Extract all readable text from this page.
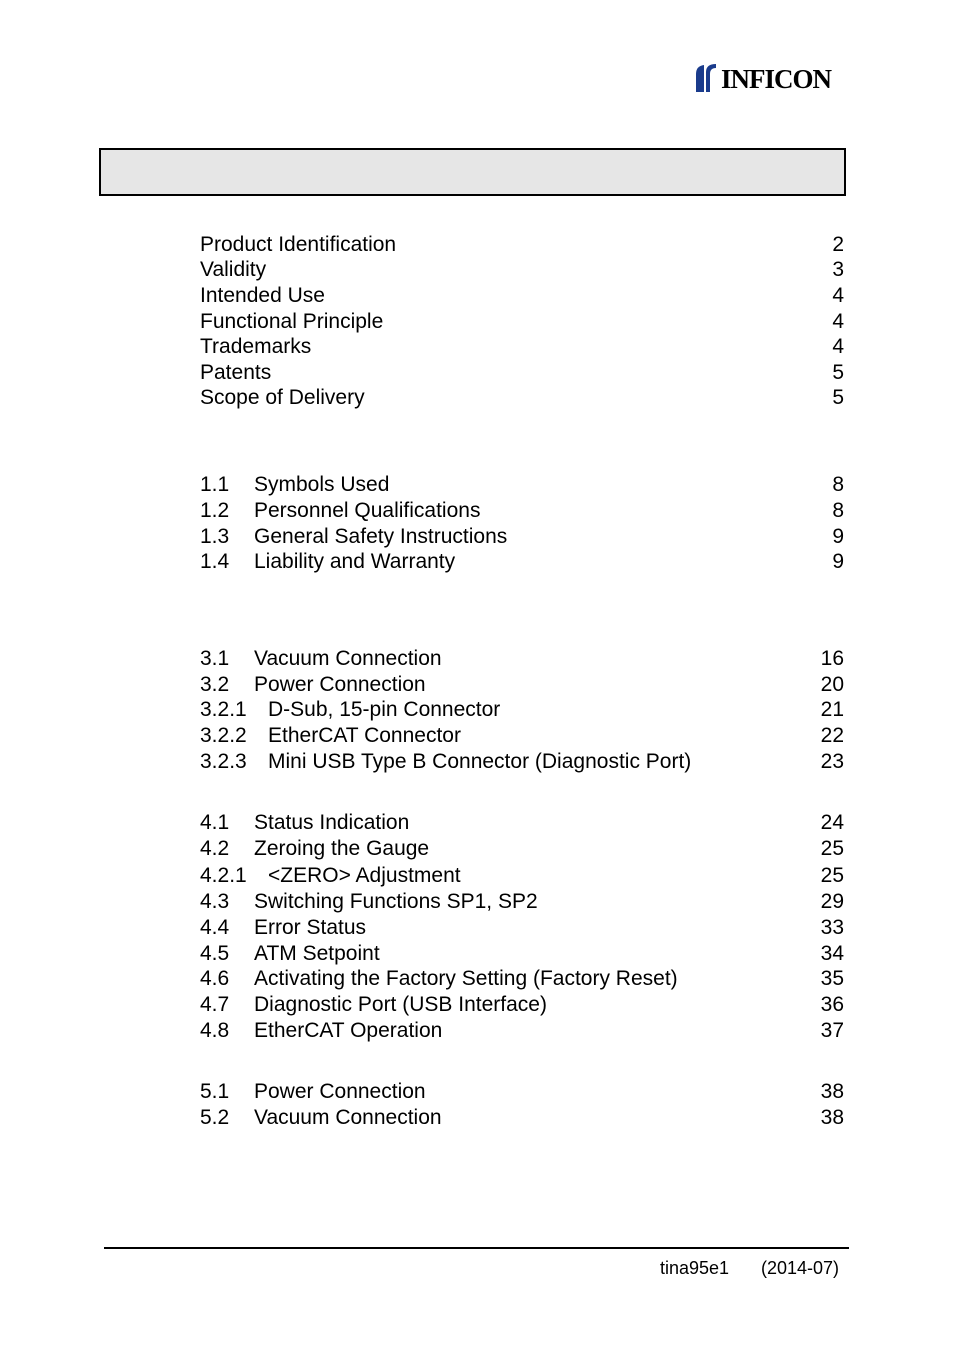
INFICON
Product Identification	2
Validity	3
Intended Use	4
Functional Principle	4
Trademarks	4
Patents	5
Scope of Delivery	5
1.1 Symbols Used	8
1.2 Personnel Qualifications	8
1.3 General Safety Instructions	9
1.4 Liability and Warranty	9
3.1 Vacuum Connection	16
3.2 Power Connection	20
3.2.1 D-Sub, 15-pin Connector	21
3.2.2 EtherCAT Connector	22
3.2.3 Mini USB Type B Connector (Diagnostic Port)	23
4.1 Status Indication	24
4.2 Zeroing the Gauge	25
4.2.1 <ZERO> Adjustment	25
4.3 Switching Functions SP1, SP2	29
4.4 Error Status	33
4.5 ATM Setpoint	34
4.6 Activating the Factory Setting (Factory Reset)	35
4.7 Diagnostic Port (USB Interface)	36
4.8 EtherCAT Operation	37
5.1 Power Connection	38
5.2 Vacuum Connection	38
tina95e1 (2014-07)
